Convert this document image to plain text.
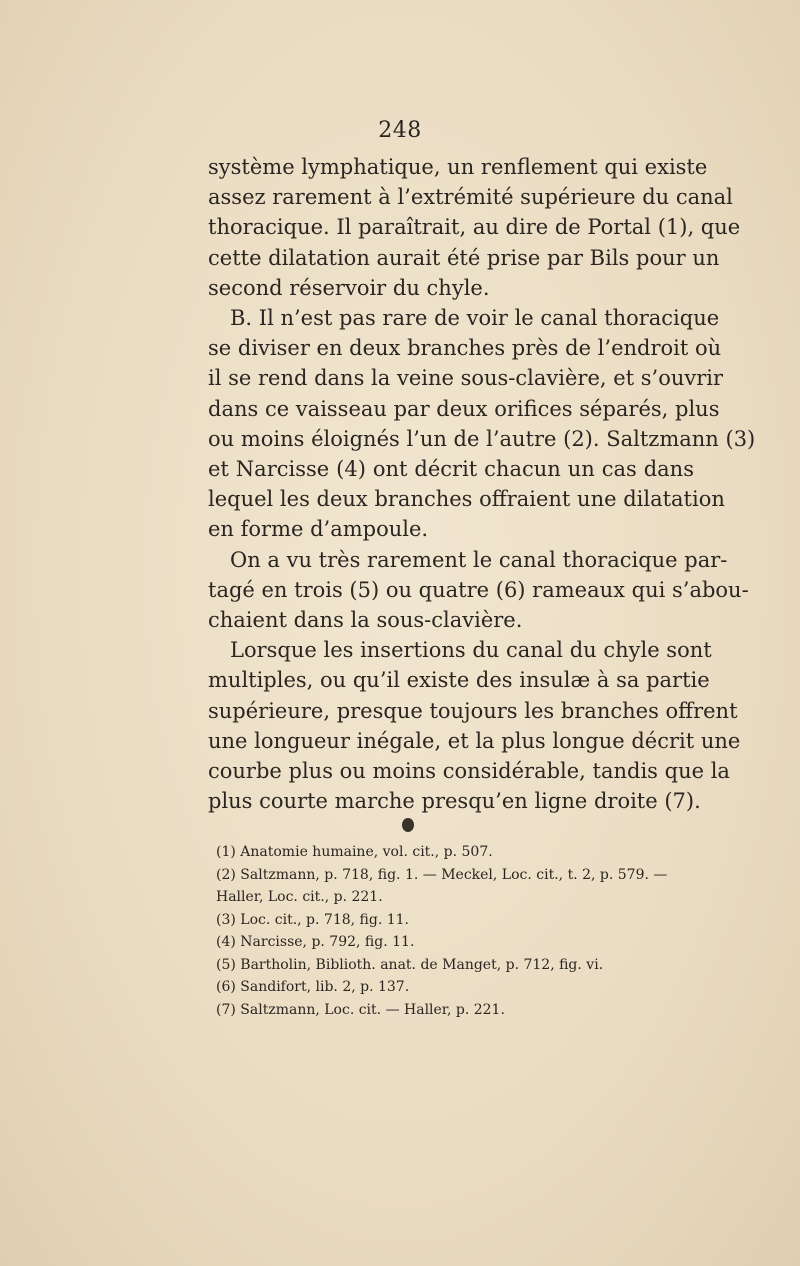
248
système lymphatique, un renflement qui existe
assez rarement à l’extrémité supérieure du canal
thoracique. Il paraîtrait, au dire de Portal (1), que
cette dilatation aurait été prise par Bils pour un
second réservoir du chyle.
B. Il n’est pas rare de voir le canal thoracique
se diviser en deux branches près de l’endroit où
il se rend dans la veine sous-clavière, et s’ouvrir
dans ce vaisseau par deux orifices séparés, plus
ou moins éloignés l’un de l’autre (2). Saltzmann (3)
et Narcisse (4) ont décrit chacun un cas dans
lequel les deux branches offraient une dilatation
en forme d’ampoule.
On a vu très rarement le canal thoracique par-
tagé en trois (5) ou quatre (6) rameaux qui s’abou-
chaient dans la sous-clavière.
Lorsque les insertions du canal du chyle sont
multiples, ou qu’il existe des insulæ à sa partie
supérieure, presque toujours les branches offrent
une longueur inégale, et la plus longue décrit une
courbe plus ou moins considérable, tandis que la
plus courte marche presqu’en ligne droite (7).
(1) Anatomie humaine, vol. cit., p. 507.
(2) Saltzmann, p. 718, fig. 1. — Meckel, Loc. cit., t. 2, p. 579. —
Haller, Loc. cit., p. 221.
(3) Loc. cit., p. 718, fig. 11.
(4) Narcisse, p. 792, fig. 11.
(5) Bartholin, Biblioth. anat. de Manget, p. 712, fig. vi.
(6) Sandifort, lib. 2, p. 137.
(7) Saltzmann, Loc. cit. — Haller, p. 221.
